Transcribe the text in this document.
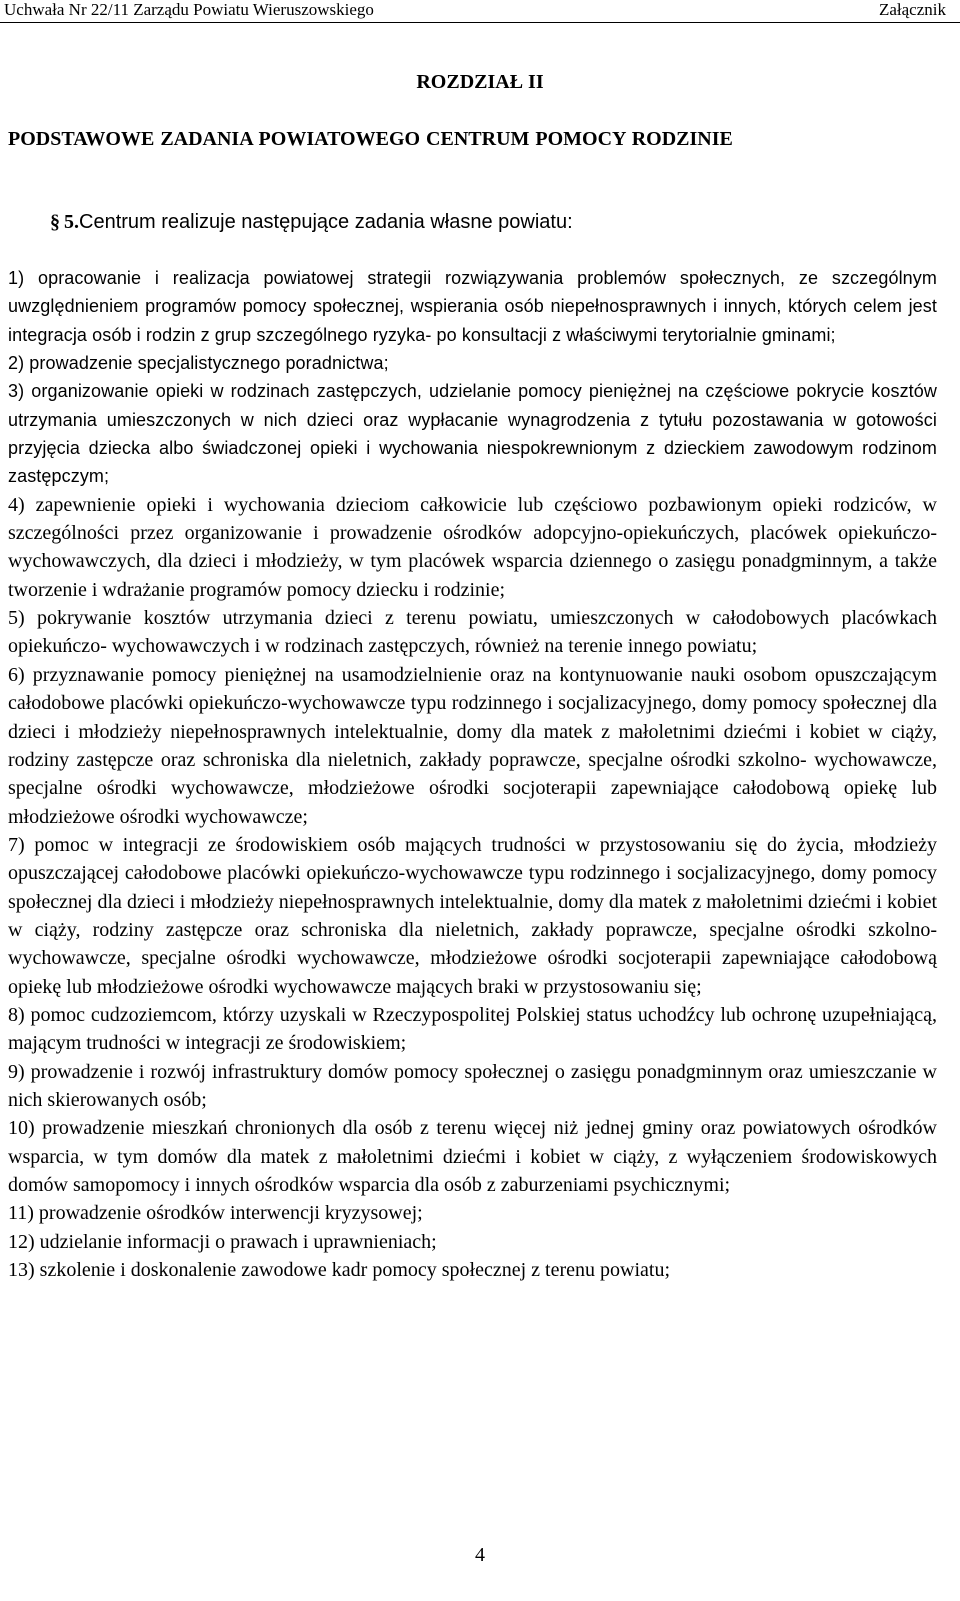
Uchwała Nr 22/11 Zarządu Powiatu Wieruszowskiego	Załącznik
ROZDZIAŁ II
PODSTAWOWE ZADANIA POWIATOWEGO CENTRUM POMOCY RODZINIE
§ 5.Centrum realizuje następujące zadania własne powiatu:

1) opracowanie i realizacja powiatowej strategii rozwiązywania problemów społecznych, ze szczególnym uwzględnieniem programów pomocy społecznej, wspierania osób niepełnosprawnych i innych, których celem jest integracja osób i rodzin z grup szczególnego ryzyka- po konsultacji z właściwymi terytorialnie gminami;

2) prowadzenie specjalistycznego poradnictwa;

3) organizowanie opieki w rodzinach zastępczych, udzielanie pomocy pieniężnej na częściowe pokrycie kosztów utrzymania umieszczonych w nich dzieci oraz wypłacanie wynagrodzenia z tytułu pozostawania w gotowości przyjęcia dziecka albo świadczonej opieki i wychowania niespokrewnionym z dzieckiem zawodowym rodzinom zastępczym;

4) zapewnienie opieki i wychowania dzieciom całkowicie lub częściowo pozbawionym opieki rodziców, w szczególności przez organizowanie i prowadzenie ośrodków adopcyjno-opiekuńczych, placówek opiekuńczo- wychowawczych, dla dzieci i młodzieży, w tym placówek wsparcia dziennego o zasięgu ponadgminnym, a także tworzenie i wdrażanie programów pomocy dziecku i rodzinie;

5) pokrywanie kosztów utrzymania dzieci z terenu powiatu, umieszczonych w całodobowych placówkach opiekuńczo- wychowawczych i w rodzinach zastępczych, również na terenie innego powiatu;

6) przyznawanie pomocy pieniężnej na usamodzielnienie oraz na kontynuowanie nauki osobom opuszczającym całodobowe placówki opiekuńczo-wychowawcze typu rodzinnego i socjalizacyjnego, domy pomocy społecznej dla dzieci i młodzieży niepełnosprawnych intelektualnie, domy dla matek z małoletnimi dziećmi i kobiet w ciąży, rodziny zastępcze oraz schroniska dla nieletnich, zakłady poprawcze, specjalne ośrodki szkolno- wychowawcze, specjalne ośrodki wychowawcze, młodzieżowe ośrodki socjoterapii zapewniające całodobową opiekę lub młodzieżowe ośrodki wychowawcze;

7) pomoc w integracji ze środowiskiem osób mających trudności w przystosowaniu się do życia, młodzieży opuszczającej całodobowe placówki opiekuńczo-wychowawcze typu rodzinnego i socjalizacyjnego, domy pomocy społecznej dla dzieci i młodzieży niepełnosprawnych intelektualnie, domy dla matek z małoletnimi dziećmi i kobiet w ciąży, rodziny zastępcze oraz schroniska dla nieletnich, zakłady poprawcze, specjalne ośrodki szkolno- wychowawcze, specjalne ośrodki wychowawcze, młodzieżowe ośrodki socjoterapii zapewniające całodobową opiekę lub młodzieżowe ośrodki wychowawcze mających braki w przystosowaniu się;

8) pomoc cudzoziemcom, którzy uzyskali w Rzeczypospolitej Polskiej status uchodźcy lub ochronę uzupełniającą, mającym trudności w integracji ze środowiskiem;

9) prowadzenie i rozwój infrastruktury domów pomocy społecznej o zasięgu ponadgminnym oraz umieszczanie w nich skierowanych osób;

10) prowadzenie mieszkań chronionych dla osób z terenu więcej niż jednej gminy oraz powiatowych ośrodków wsparcia, w tym domów dla matek z małoletnimi dziećmi i kobiet w ciąży, z wyłączeniem środowiskowych domów samopomocy i innych ośrodków wsparcia dla osób z zaburzeniami psychicznymi;

11) prowadzenie ośrodków interwencji kryzysowej;

12) udzielanie informacji o prawach i uprawnieniach;

13) szkolenie i doskonalenie zawodowe kadr pomocy społecznej z terenu powiatu;

4
